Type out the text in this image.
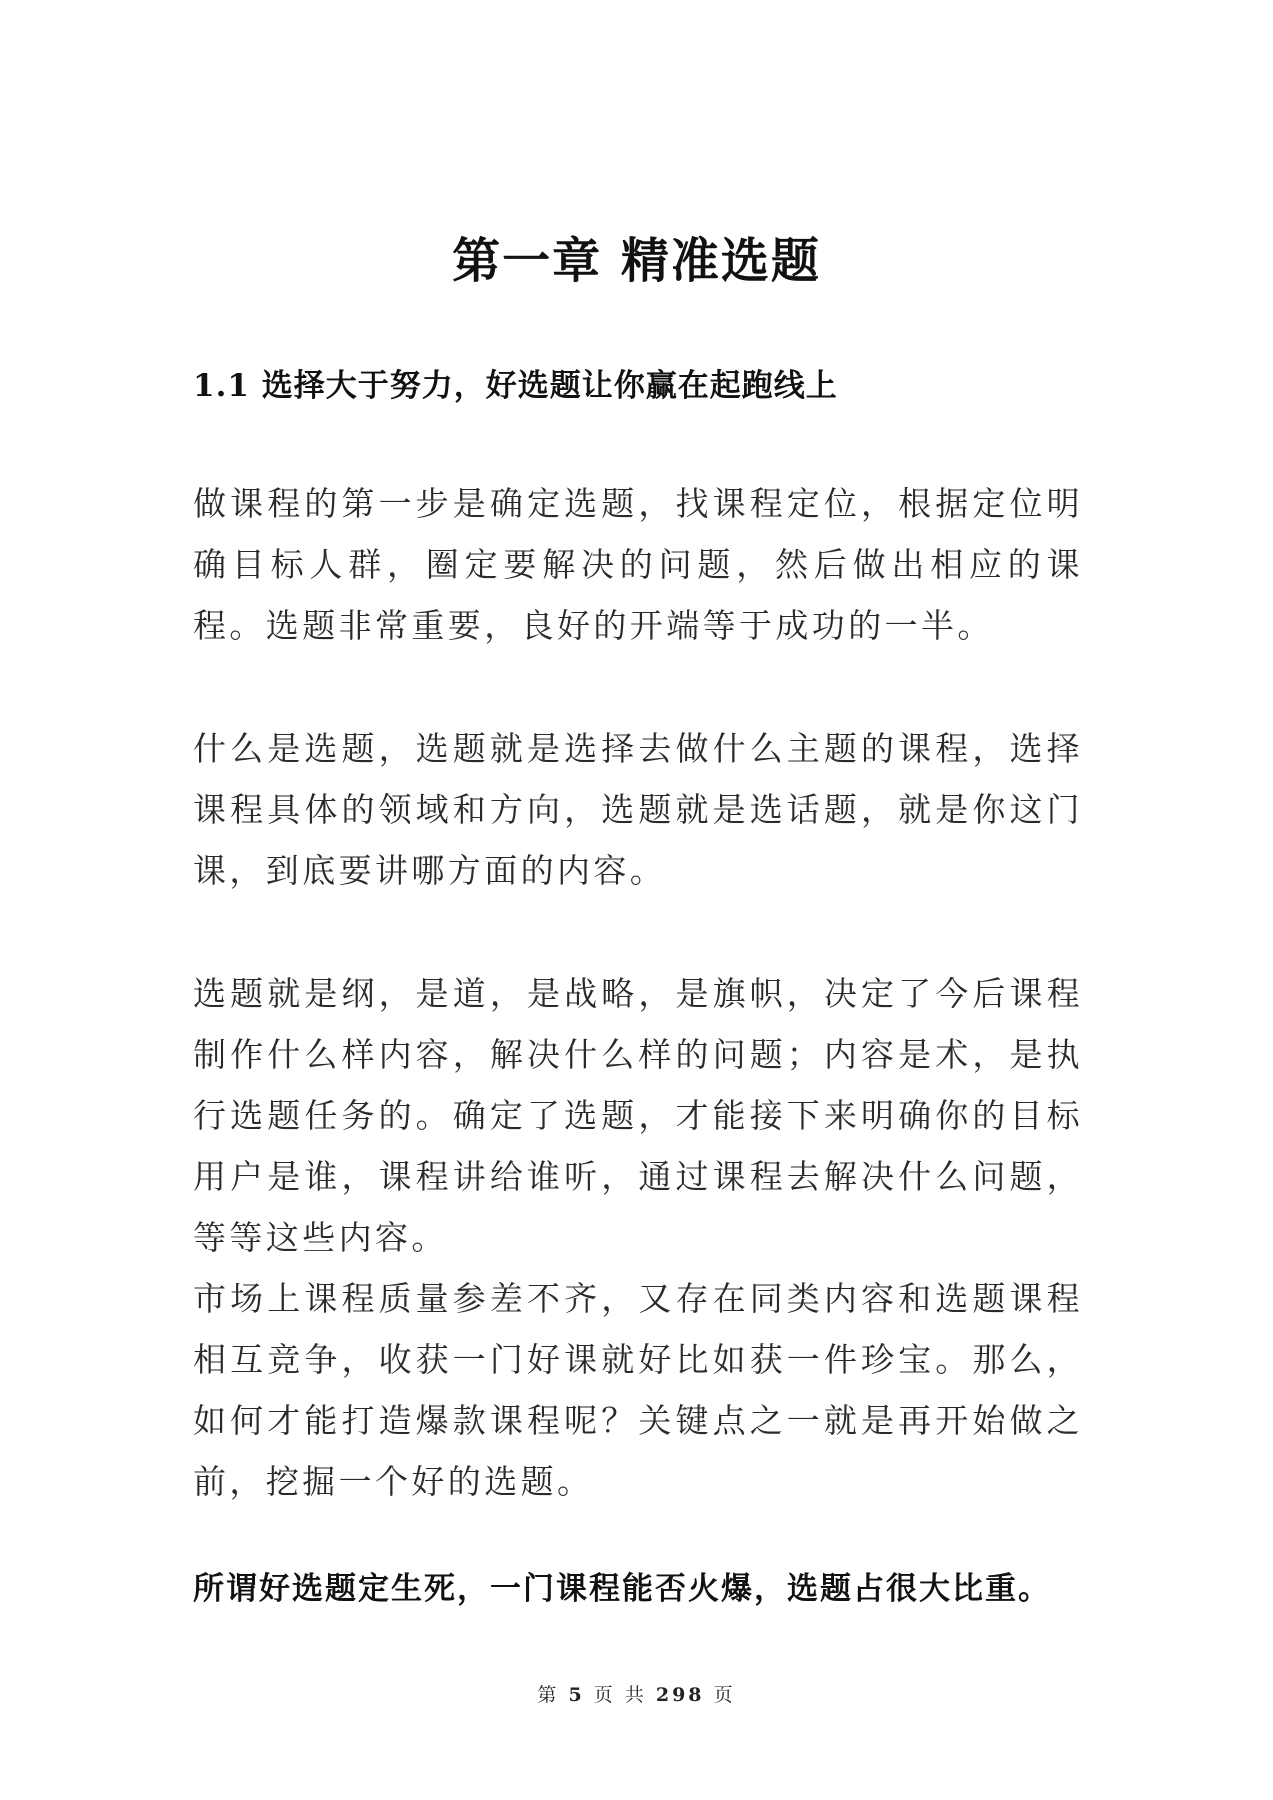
第一章 精准选题
1.1 选择大于努力，好选题让你赢在起跑线上

做课程的第一步是确定选题，找课程定位，根据定位明确目标人群，圈定要解决的问题，然后做出相应的课程。选题非常重要，良好的开端等于成功的一半。

什么是选题，选题就是选择去做什么主题的课程，选择课程具体的领域和方向，选题就是选话题，就是你这门课，到底要讲哪方面的内容。

选题就是纲，是道，是战略，是旗帜，决定了今后课程制作什么样内容，解决什么样的问题；内容是术，是执行选题任务的。确定了选题，才能接下来明确你的目标用户是谁，课程讲给谁听，通过课程去解决什么问题，等等这些内容。

市场上课程质量参差不齐，又存在同类内容和选题课程相互竞争，收获一门好课就好比如获一件珍宝。那么，如何才能打造爆款课程呢？关键点之一就是再开始做之前，挖掘一个好的选题。

所谓好选题定生死，一门课程能否火爆，选题占很大比重。
第 5 页 共 298 页
